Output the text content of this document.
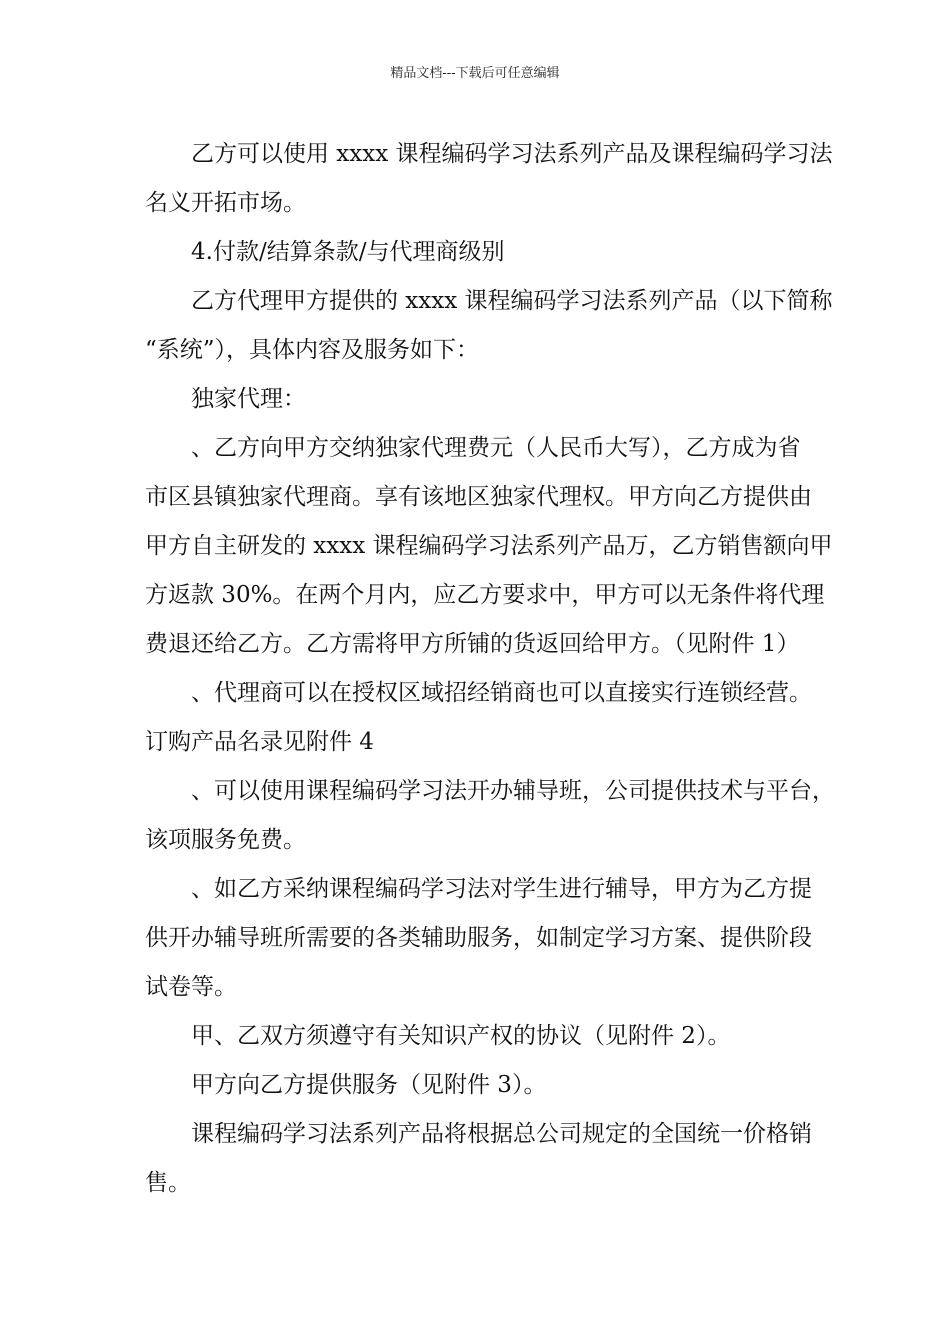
精品文档---下载后可任意编辑

乙方可以使用 xxxx 课程编码学习法系列产品及课程编码学习法
名义开拓市场。
4.付款/结算条款/与代理商级别
乙方代理甲方提供的 xxxx 课程编码学习法系列产品（以下简称
“系统”），具体内容及服务如下：
独家代理：
、乙方向甲方交纳独家代理费元（人民币大写），乙方成为省
市区县镇独家代理商。享有该地区独家代理权。甲方向乙方提供由
甲方自主研发的 xxxx 课程编码学习法系列产品万，乙方销售额向甲
方返款 30%。在两个月内，应乙方要求中，甲方可以无条件将代理
费退还给乙方。乙方需将甲方所铺的货返回给甲方。（见附件 1）
、代理商可以在授权区域招经销商也可以直接实行连锁经营。
订购产品名录见附件 4
、可以使用课程编码学习法开办辅导班，公司提供技术与平台，
该项服务免费。
、如乙方采纳课程编码学习法对学生进行辅导，甲方为乙方提
供开办辅导班所需要的各类辅助服务，如制定学习方案、提供阶段
试卷等。
甲、乙双方须遵守有关知识产权的协议（见附件 2）。
甲方向乙方提供服务（见附件 3）。
课程编码学习法系列产品将根据总公司规定的全国统一价格销
售。
